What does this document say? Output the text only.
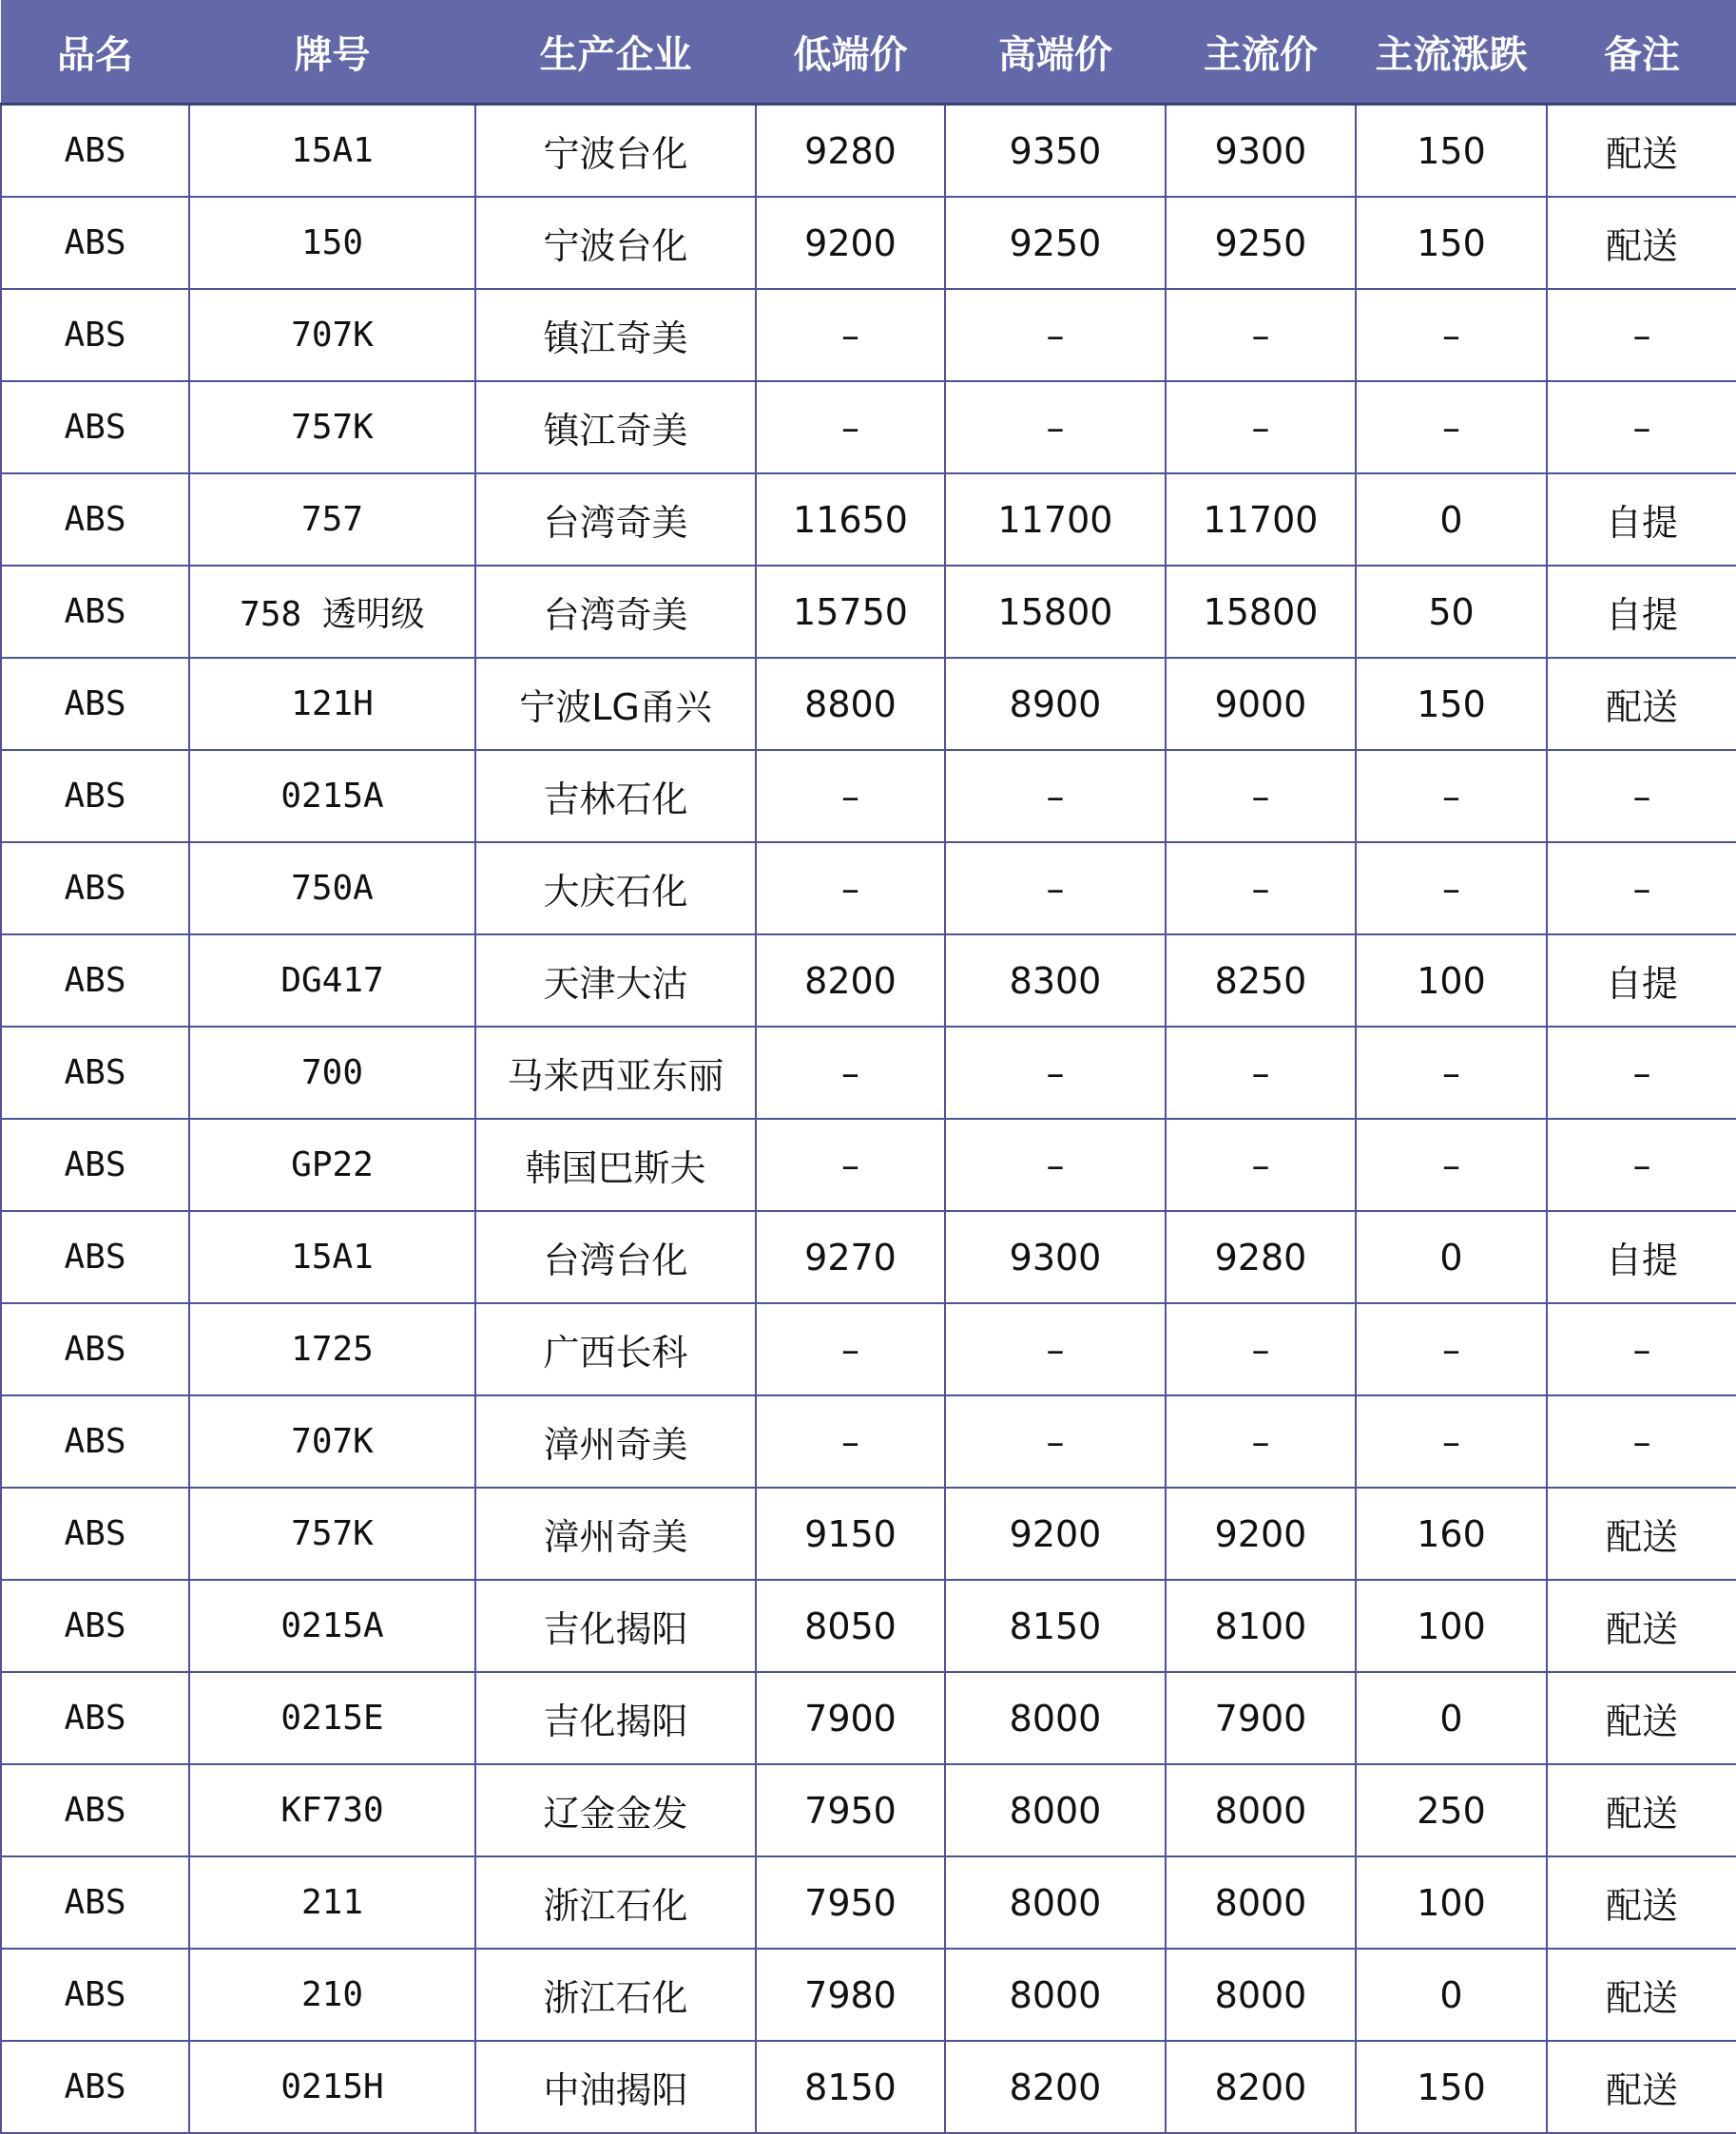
品名	牌号	生产企业	低端价	高端价	主流价	主流涨跌	备注
ABS	15A1	宁波台化	9280	9350	9300	150	配送
ABS	150	宁波台化	9200	9250	9250	150	配送
ABS	707K	镇江奇美	–	–	–	–	–
ABS	757K	镇江奇美	–	–	–	–	–
ABS	757	台湾奇美	11650	11700	11700	0	自提
ABS	758 透明级	台湾奇美	15750	15800	15800	50	自提
ABS	121H	宁波LG甬兴	8800	8900	9000	150	配送
ABS	0215A	吉林石化	–	–	–	–	–
ABS	750A	大庆石化	–	–	–	–	–
ABS	DG417	天津大沽	8200	8300	8250	100	自提
ABS	700	马来西亚东丽	–	–	–	–	–
ABS	GP22	韩国巴斯夫	–	–	–	–	–
ABS	15A1	台湾台化	9270	9300	9280	0	自提
ABS	1725	广西长科	–	–	–	–	–
ABS	707K	漳州奇美	–	–	–	–	–
ABS	757K	漳州奇美	9150	9200	9200	160	配送
ABS	0215A	吉化揭阳	8050	8150	8100	100	配送
ABS	0215E	吉化揭阳	7900	8000	7900	0	配送
ABS	KF730	辽金金发	7950	8000	8000	250	配送
ABS	211	浙江石化	7950	8000	8000	100	配送
ABS	210	浙江石化	7980	8000	8000	0	配送
ABS	0215H	中油揭阳	8150	8200	8200	150	配送
